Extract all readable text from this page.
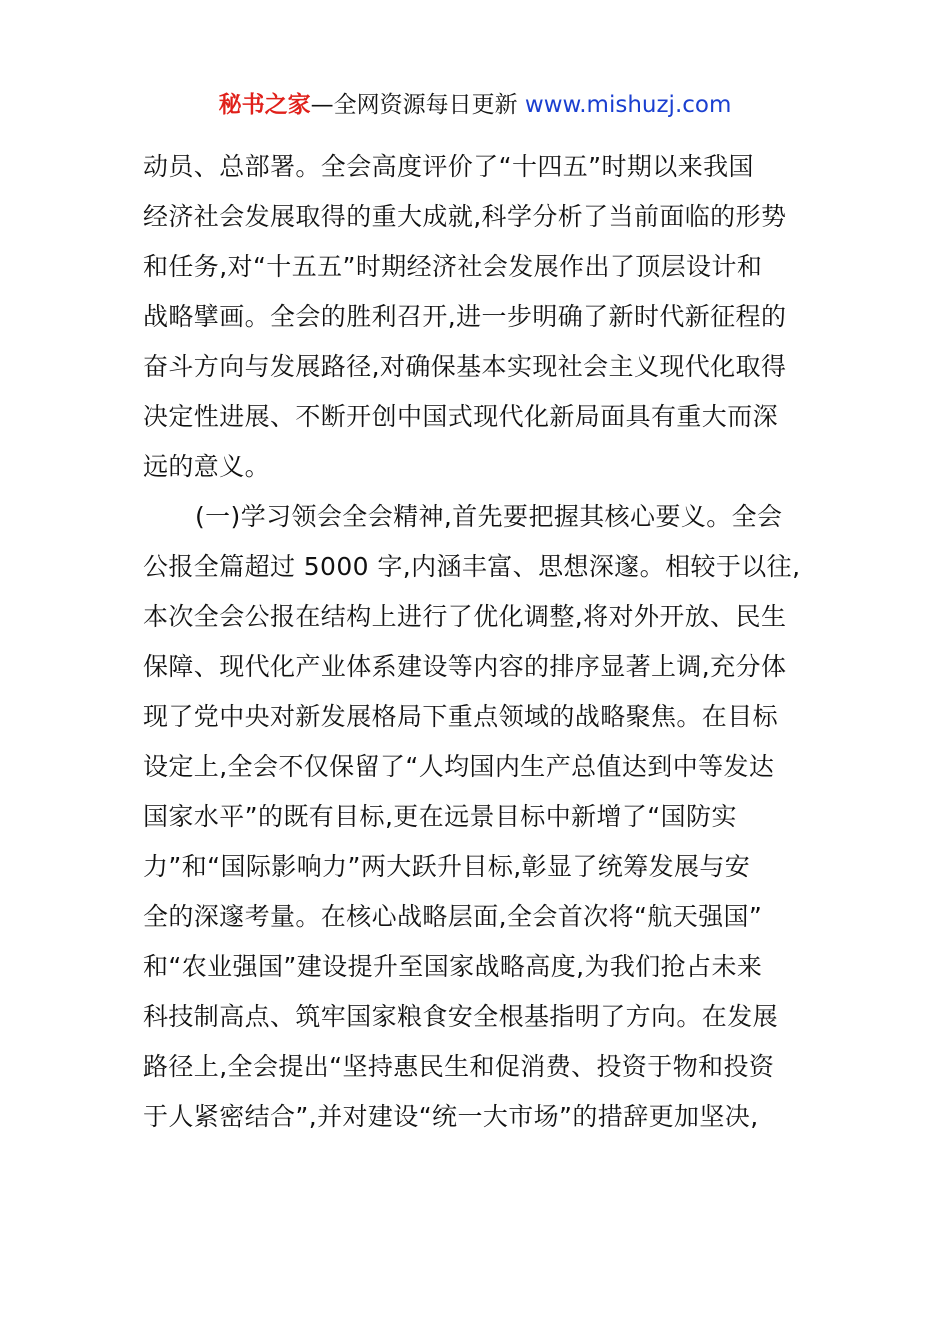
秘书之家—全网资源每日更新 www.mishuzj.com
动员、总部署。全会高度评价了“十四五”时期以来我国
经济社会发展取得的重大成就,科学分析了当前面临的形势
和任务,对“十五五”时期经济社会发展作出了顶层设计和
战略擘画。全会的胜利召开,进一步明确了新时代新征程的
奋斗方向与发展路径,对确保基本实现社会主义现代化取得
决定性进展、不断开创中国式现代化新局面具有重大而深
远的意义。
(一)学习领会全会精神,首先要把握其核心要义。全会
公报全篇超过 5000 字,内涵丰富、思想深邃。相较于以往,
本次全会公报在结构上进行了优化调整,将对外开放、民生
保障、现代化产业体系建设等内容的排序显著上调,充分体
现了党中央对新发展格局下重点领域的战略聚焦。在目标
设定上,全会不仅保留了“人均国内生产总值达到中等发达
国家水平”的既有目标,更在远景目标中新增了“国防实
力”和“国际影响力”两大跃升目标,彰显了统筹发展与安
全的深邃考量。在核心战略层面,全会首次将“航天强国”
和“农业强国”建设提升至国家战略高度,为我们抢占未来
科技制高点、筑牢国家粮食安全根基指明了方向。在发展
路径上,全会提出“坚持惠民生和促消费、投资于物和投资
于人紧密结合”,并对建设“统一大市场”的措辞更加坚决,
